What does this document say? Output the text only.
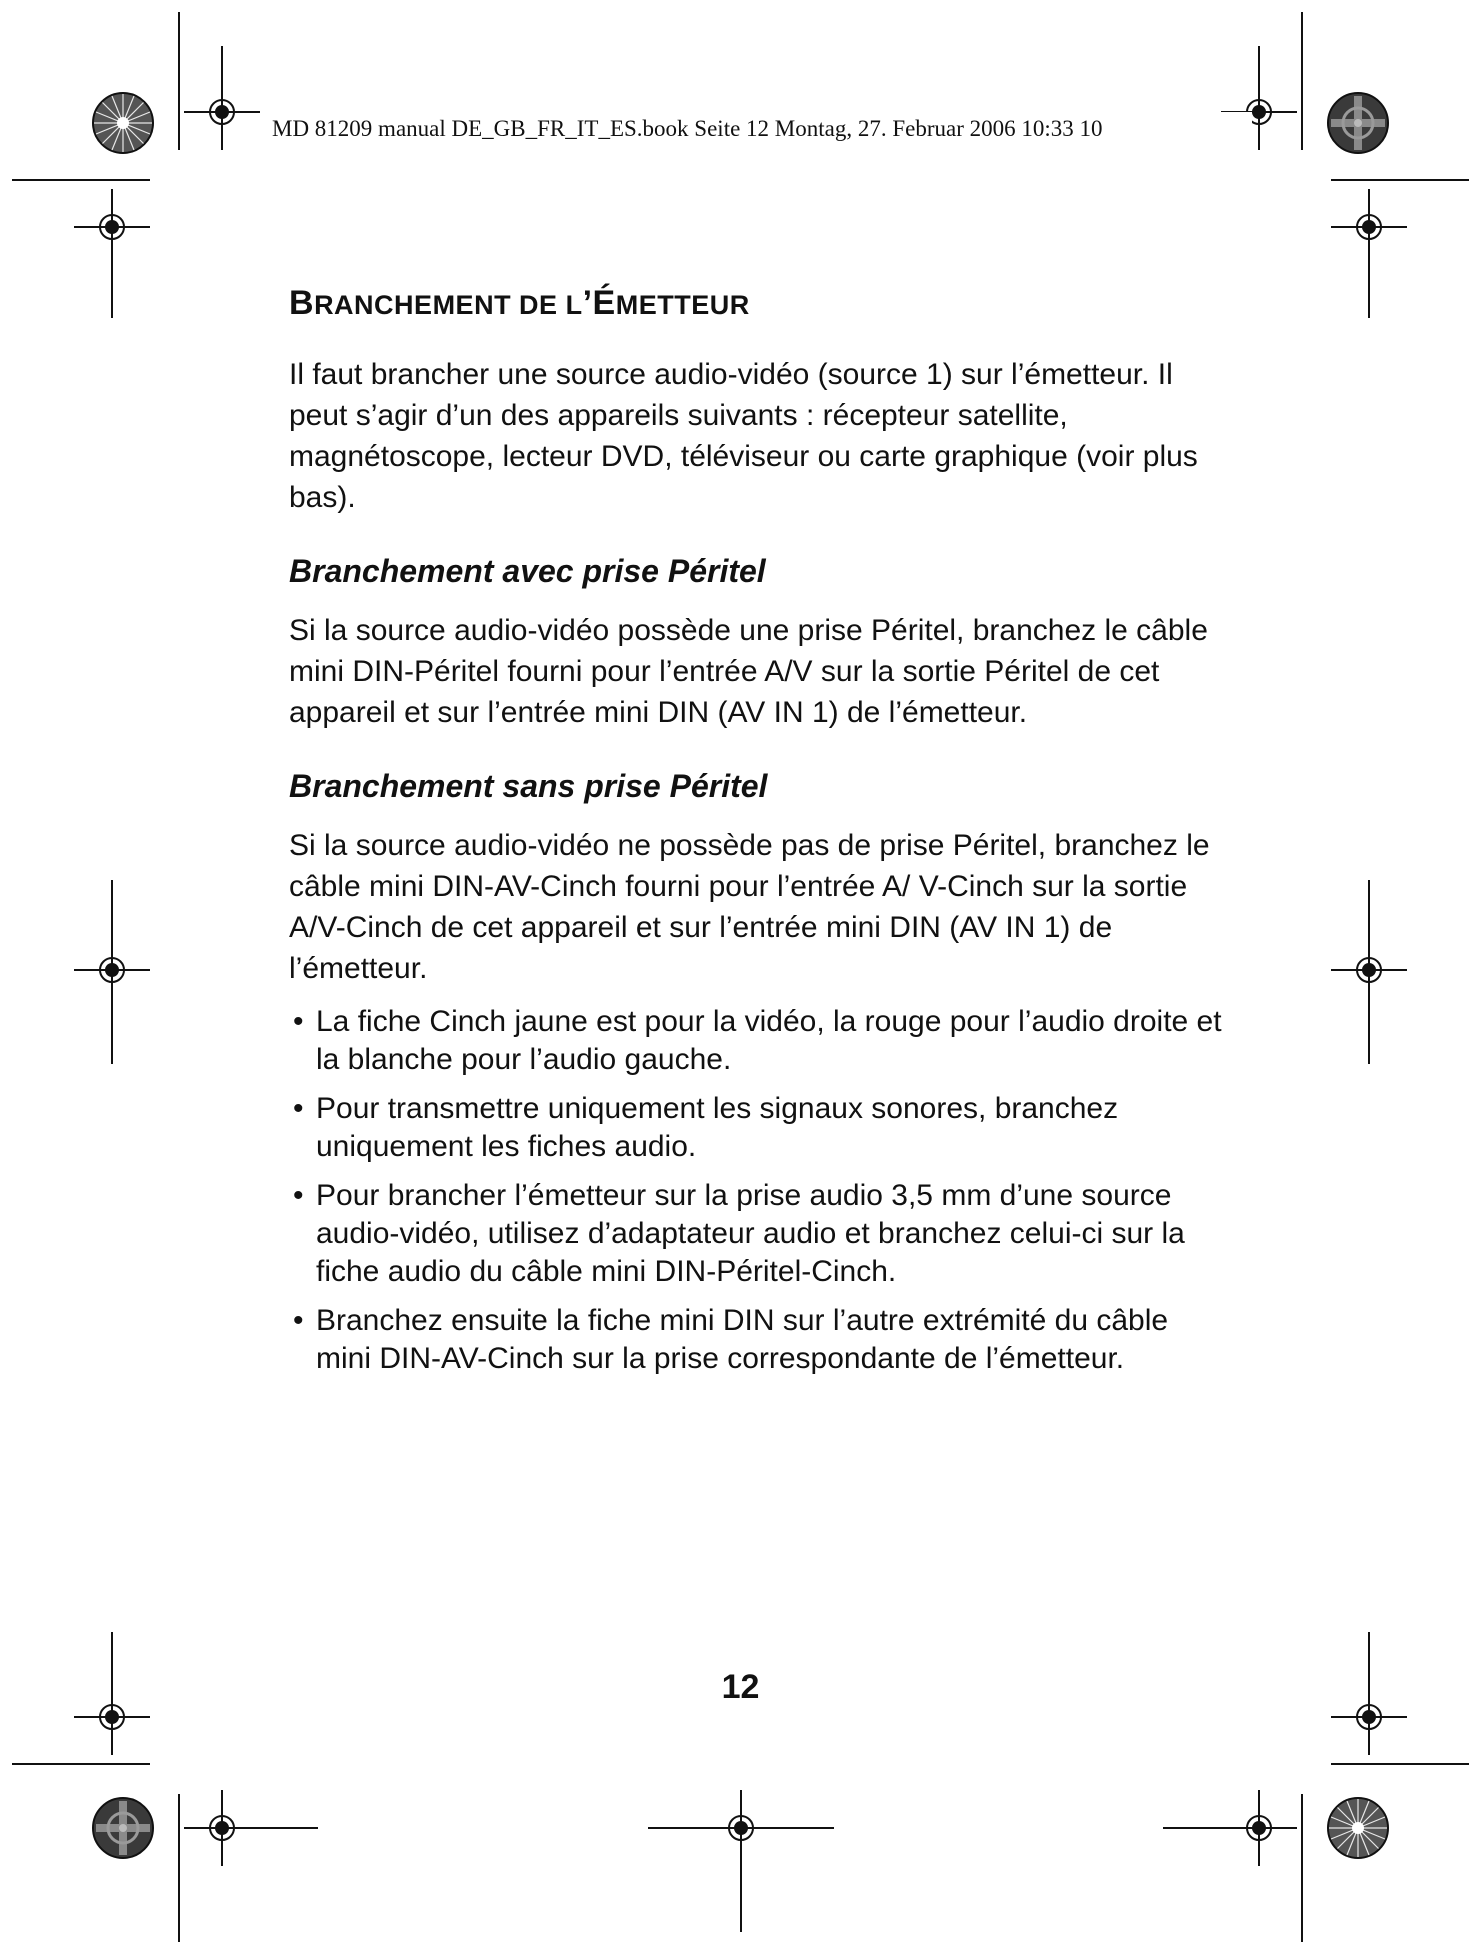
MD 81209 manual DE_GB_FR_IT_ES.book Seite 12 Montag, 27. Februar 2006 10:33 10
BRANCHEMENT DE L’ÉMETTEUR

Il faut brancher une source audio-vidéo (source 1) sur l’émetteur. Il peut s’agir d’un des appareils suivants : récepteur satellite, magnétoscope, lecteur DVD, téléviseur ou carte graphique (voir plus bas).

Branchement avec prise Péritel

Si la source audio-vidéo possède une prise Péritel, branchez le câble mini DIN-Péritel fourni pour l’entrée A/V sur la sortie Péritel de cet appareil et sur l’entrée mini DIN (AV IN 1) de l’émetteur.

Branchement sans prise Péritel

Si la source audio-vidéo ne possède pas de prise Péritel, branchez le câble mini DIN-AV-Cinch fourni pour l’entrée A/ V-Cinch sur la sortie A/V-Cinch de cet appareil et sur l’entrée mini DIN (AV IN 1) de l’émetteur.

• La fiche Cinch jaune est pour la vidéo, la rouge pour l’audio droite et la blanche pour l’audio gauche.
• Pour transmettre uniquement les signaux sonores, branchez uniquement les fiches audio.
• Pour brancher l’émetteur sur la prise audio 3,5 mm d’une source audio-vidéo, utilisez d’adaptateur audio et branchez celui-ci sur la fiche audio du câble mini DIN-Péritel-Cinch.
• Branchez ensuite la fiche mini DIN sur l’autre extrémité du câble mini DIN-AV-Cinch sur la prise correspondante de l’émetteur.
12
